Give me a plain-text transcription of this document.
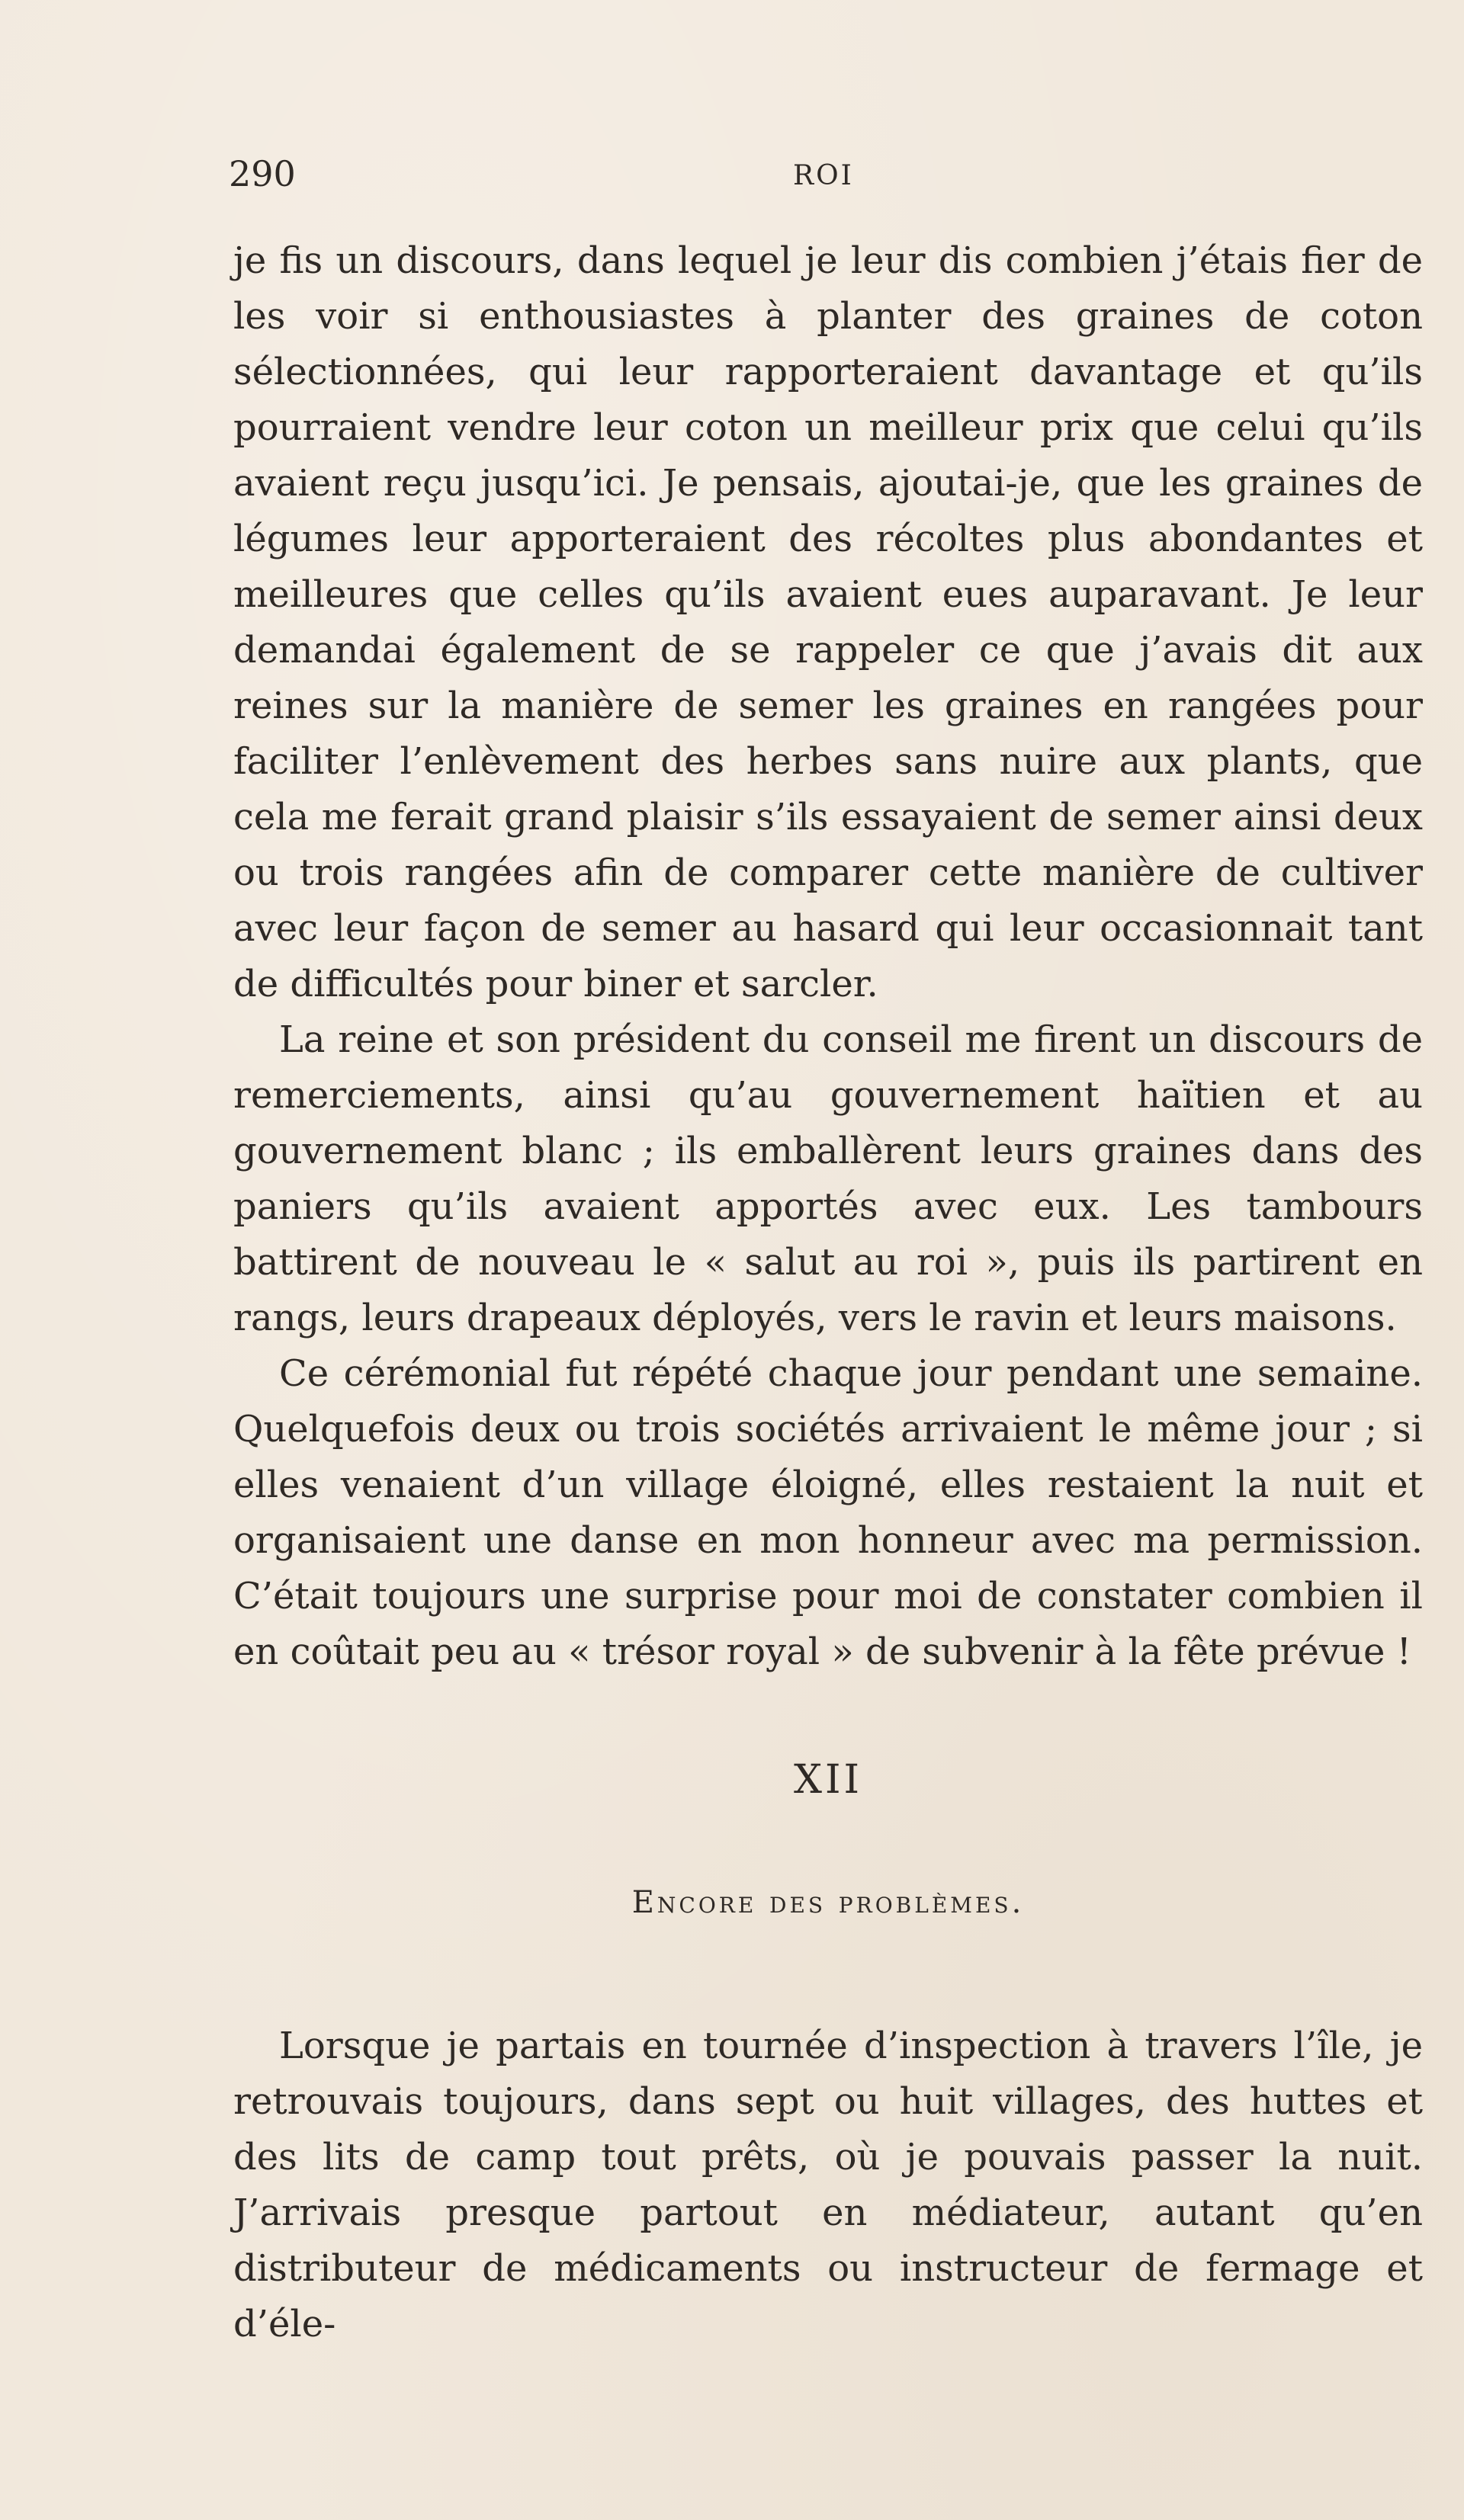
290	ROI

je fis un discours, dans lequel je leur dis combien j’étais fier de les voir si enthousiastes à planter des graines de coton sélectionnées, qui leur rapporteraient davantage et qu’ils pourraient vendre leur coton un meilleur prix que celui qu’ils avaient reçu jusqu’ici. Je pensais, ajoutai-je, que les graines de légumes leur apporteraient des récoltes plus abondantes et meilleures que celles qu’ils avaient eues auparavant. Je leur demandai également de se rappeler ce que j’avais dit aux reines sur la manière de semer les graines en rangées pour faciliter l’enlèvement des herbes sans nuire aux plants, que cela me ferait grand plaisir s’ils essayaient de semer ainsi deux ou trois rangées afin de comparer cette manière de cultiver avec leur façon de semer au hasard qui leur occasionnait tant de difficultés pour biner et sarcler.

La reine et son président du conseil me firent un discours de remerciements, ainsi qu’au gouvernement haïtien et au gouvernement blanc ; ils emballèrent leurs graines dans des paniers qu’ils avaient apportés avec eux. Les tambours battirent de nouveau le « salut au roi », puis ils partirent en rangs, leurs drapeaux déployés, vers le ravin et leurs maisons.

Ce cérémonial fut répété chaque jour pendant une semaine. Quelquefois deux ou trois sociétés arrivaient le même jour ; si elles venaient d’un village éloigné, elles restaient la nuit et organisaient une danse en mon honneur avec ma permission. C’était toujours une surprise pour moi de constater combien il en coûtait peu au « trésor royal » de subvenir à la fête prévue !

XII
Encore des problèmes.

Lorsque je partais en tournée d’inspection à travers l’île, je retrouvais toujours, dans sept ou huit villages, des huttes et des lits de camp tout prêts, où je pouvais passer la nuit. J’arrivais presque partout en médiateur, autant qu’en distributeur de médicaments ou instructeur de fermage et d’éle-
